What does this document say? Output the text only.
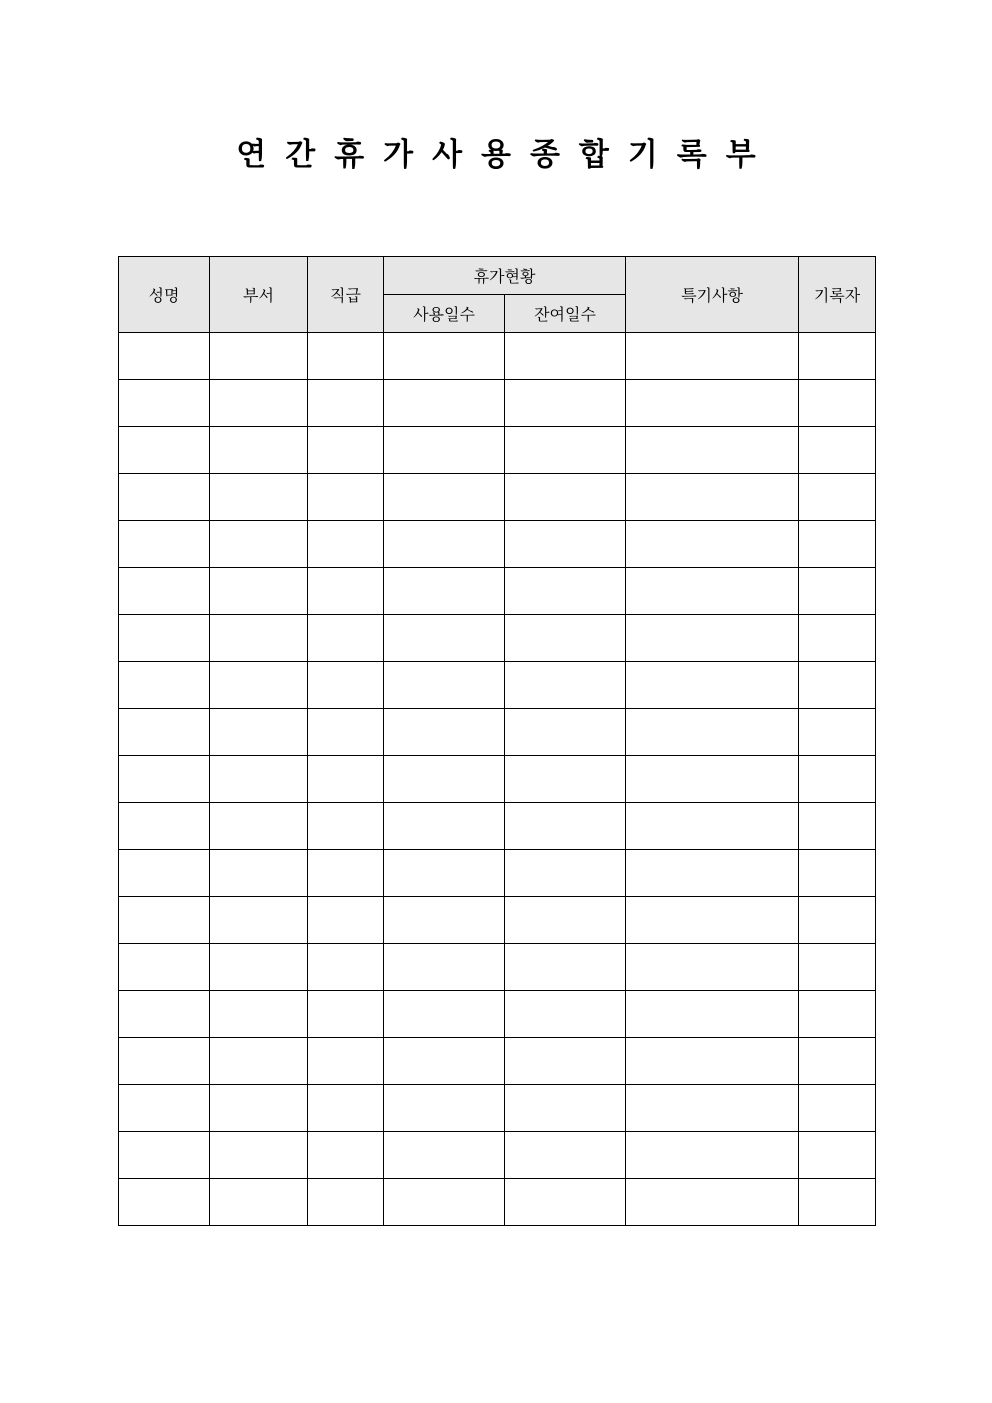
연간휴가사용종합기록부
성명	부서	직급	휴가현황		특기사항	기록자
			사용일수	잔여일수		
